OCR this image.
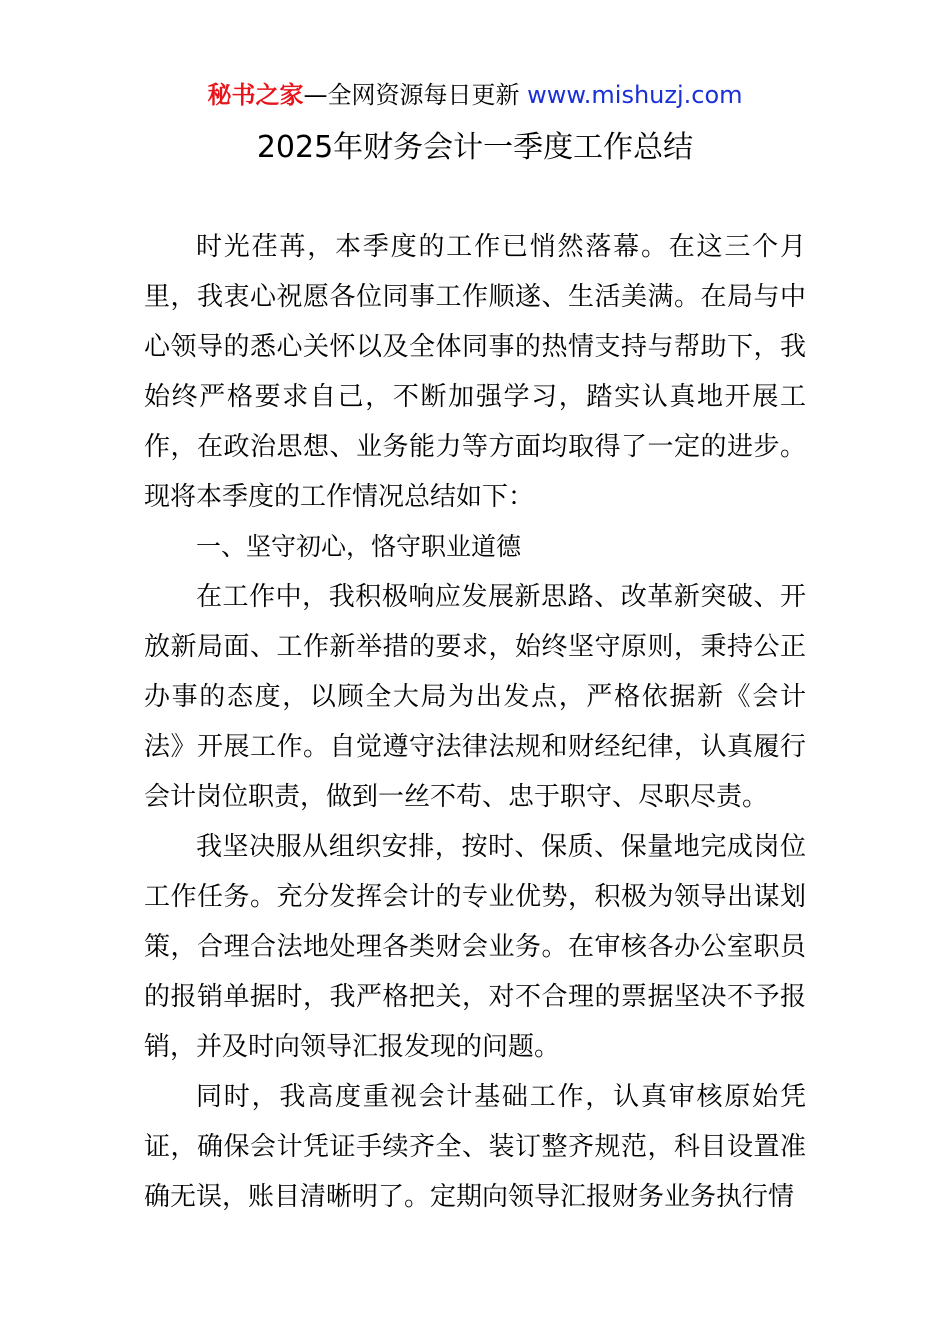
秘书之家—全网资源每日更新 www.mishuzj.com
2025年财务会计一季度工作总结

时光荏苒，本季度的工作已悄然落幕。在这三个月里，我衷心祝愿各位同事工作顺遂、生活美满。在局与中心领导的悉心关怀以及全体同事的热情支持与帮助下，我始终严格要求自己，不断加强学习，踏实认真地开展工作，在政治思想、业务能力等方面均取得了一定的进步。现将本季度的工作情况总结如下：

一、坚守初心，恪守职业道德

在工作中，我积极响应发展新思路、改革新突破、开放新局面、工作新举措的要求，始终坚守原则，秉持公正办事的态度，以顾全大局为出发点，严格依据新《会计法》开展工作。自觉遵守法律法规和财经纪律，认真履行会计岗位职责，做到一丝不苟、忠于职守、尽职尽责。

我坚决服从组织安排，按时、保质、保量地完成岗位工作任务。充分发挥会计的专业优势，积极为领导出谋划策，合理合法地处理各类财会业务。在审核各办公室职员的报销单据时，我严格把关，对不合理的票据坚决不予报销，并及时向领导汇报发现的问题。

同时，我高度重视会计基础工作，认真审核原始凭证，确保会计凭证手续齐全、装订整齐规范，科目设置准确无误，账目清晰明了。定期向领导汇报财务业务执行情
